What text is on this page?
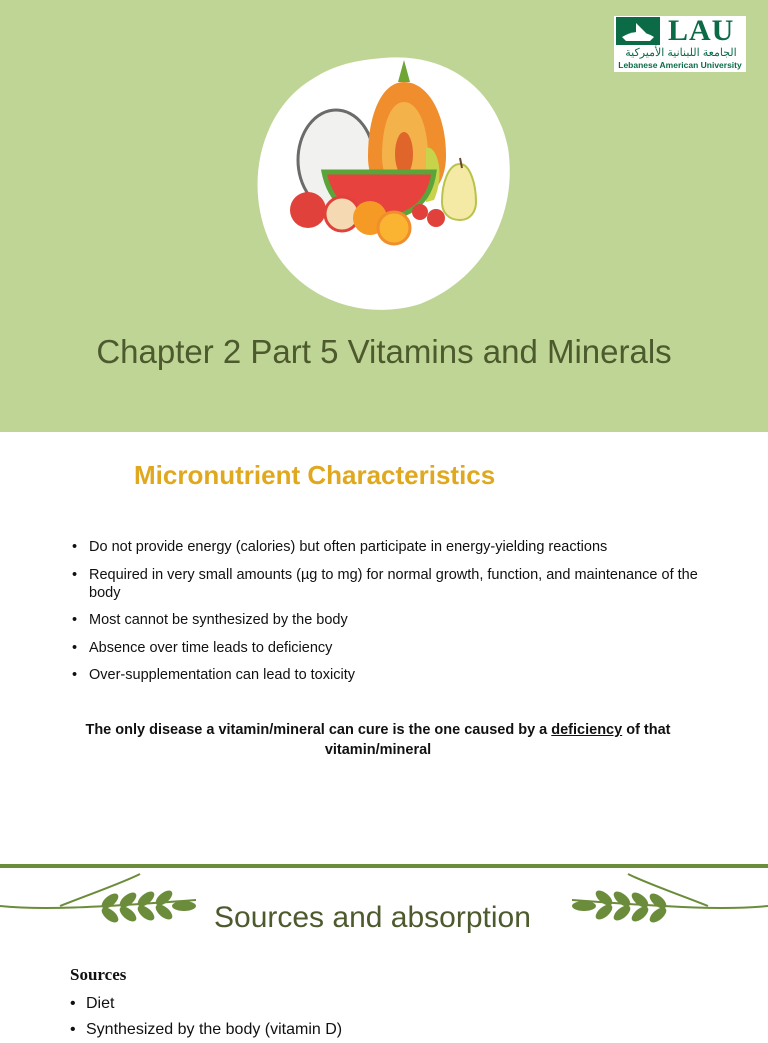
LAU
الجامعة اللبنانية الأميركية
Lebanese American University
Chapter 2 Part 5 Vitamins and Minerals
Micronutrient Characteristics
• Do not provide energy (calories) but often participate in energy-yielding reactions
• Required in very small amounts (µg to mg) for normal growth, function, and maintenance of the body
• Most cannot be synthesized by the body
• Absence over time leads to deficiency
• Over-supplementation can lead to toxicity
The only disease a vitamin/mineral can cure is the one caused by a deficiency of that vitamin/mineral
Sources and absorption
Sources
• Diet
• Synthesized by the body (vitamin D)
